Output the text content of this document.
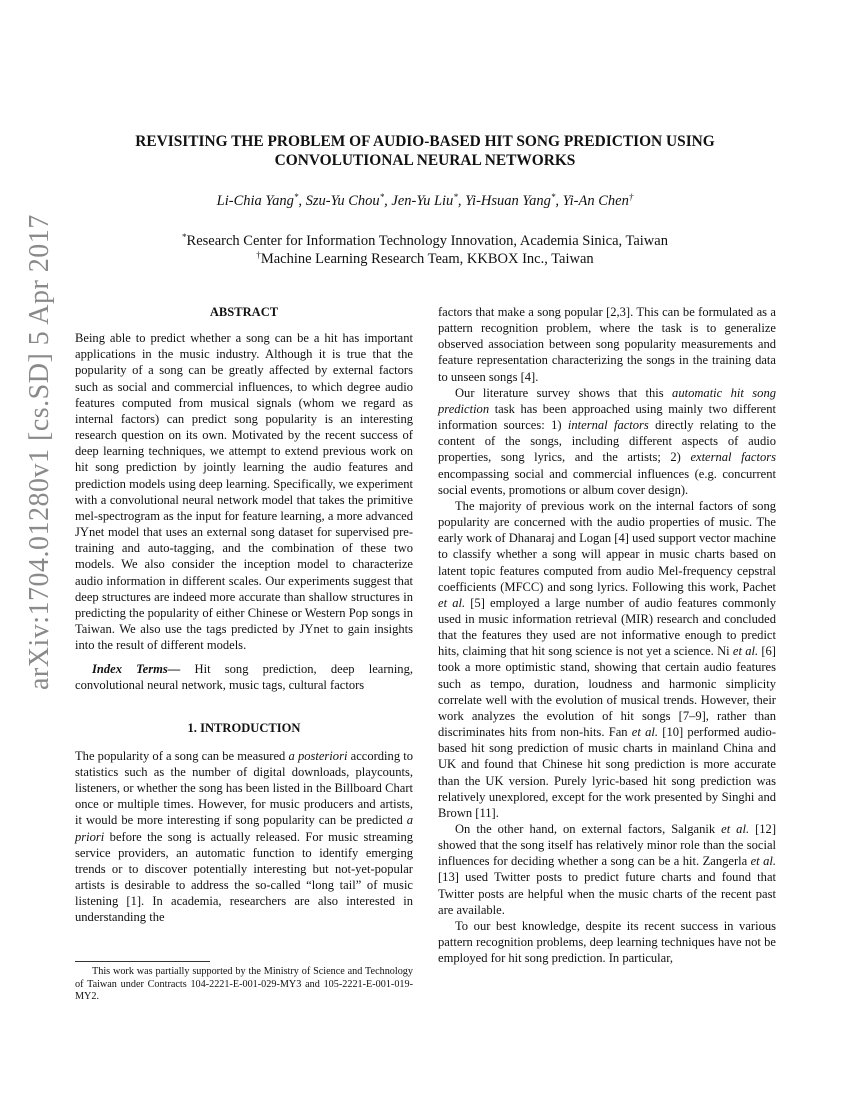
arXiv:1704.01280v1 [cs.SD] 5 Apr 2017
REVISITING THE PROBLEM OF AUDIO-BASED HIT SONG PREDICTION USING CONVOLUTIONAL NEURAL NETWORKS
Li-Chia Yang*, Szu-Yu Chou*, Jen-Yu Liu*, Yi-Hsuan Yang*, Yi-An Chen†
*Research Center for Information Technology Innovation, Academia Sinica, Taiwan
†Machine Learning Research Team, KKBOX Inc., Taiwan
ABSTRACT

Being able to predict whether a song can be a hit has important applications in the music industry. Although it is true that the popularity of a song can be greatly affected by external factors such as social and commercial influences, to which degree audio features computed from musical signals (whom we regard as internal factors) can predict song popularity is an interesting research question on its own. Motivated by the recent success of deep learning techniques, we attempt to extend previous work on hit song prediction by jointly learning the audio features and prediction models using deep learning. Specifically, we experiment with a convolutional neural network model that takes the primitive mel-spectrogram as the input for feature learning, a more advanced JYnet model that uses an external song dataset for supervised pre-training and auto-tagging, and the combination of these two models. We also consider the inception model to characterize audio information in different scales. Our experiments suggest that deep structures are indeed more accurate than shallow structures in predicting the popularity of either Chinese or Western Pop songs in Taiwan. We also use the tags predicted by JYnet to gain insights into the result of different models.

Index Terms— Hit song prediction, deep learning, convolutional neural network, music tags, cultural factors

1. INTRODUCTION

The popularity of a song can be measured a posteriori according to statistics such as the number of digital downloads, playcounts, listeners, or whether the song has been listed in the Billboard Chart once or multiple times. However, for music producers and artists, it would be more interesting if song popularity can be predicted a priori before the song is actually released. For music streaming service providers, an automatic function to identify emerging trends or to discover potentially interesting but not-yet-popular artists is desirable to address the so-called “long tail” of music listening [1]. In academia, researchers are also interested in understanding the

This work was partially supported by the Ministry of Science and Technology of Taiwan under Contracts 104-2221-E-001-029-MY3 and 105-2221-E-001-019-MY2.

factors that make a song popular [2,3]. This can be formulated as a pattern recognition problem, where the task is to generalize observed association between song popularity measurements and feature representation characterizing the songs in the training data to unseen songs [4].

Our literature survey shows that this automatic hit song prediction task has been approached using mainly two different information sources: 1) internal factors directly relating to the content of the songs, including different aspects of audio properties, song lyrics, and the artists; 2) external factors encompassing social and commercial influences (e.g. concurrent social events, promotions or album cover design).

The majority of previous work on the internal factors of song popularity are concerned with the audio properties of music. The early work of Dhanaraj and Logan [4] used support vector machine to classify whether a song will appear in music charts based on latent topic features computed from audio Mel-frequency cepstral coefficients (MFCC) and song lyrics. Following this work, Pachet et al. [5] employed a large number of audio features commonly used in music information retrieval (MIR) research and concluded that the features they used are not informative enough to predict hits, claiming that hit song science is not yet a science. Ni et al. [6] took a more optimistic stand, showing that certain audio features such as tempo, duration, loudness and harmonic simplicity correlate well with the evolution of musical trends. However, their work analyzes the evolution of hit songs [7–9], rather than discriminates hits from non-hits. Fan et al. [10] performed audio-based hit song prediction of music charts in mainland China and UK and found that Chinese hit song prediction is more accurate than the UK version. Purely lyric-based hit song prediction was relatively unexplored, except for the work presented by Singhi and Brown [11].

On the other hand, on external factors, Salganik et al. [12] showed that the song itself has relatively minor role than the social influences for deciding whether a song can be a hit. Zangerla et al. [13] used Twitter posts to predict future charts and found that Twitter posts are helpful when the music charts of the recent past are available.

To our best knowledge, despite its recent success in various pattern recognition problems, deep learning techniques have not be employed for hit song prediction. In particular,
